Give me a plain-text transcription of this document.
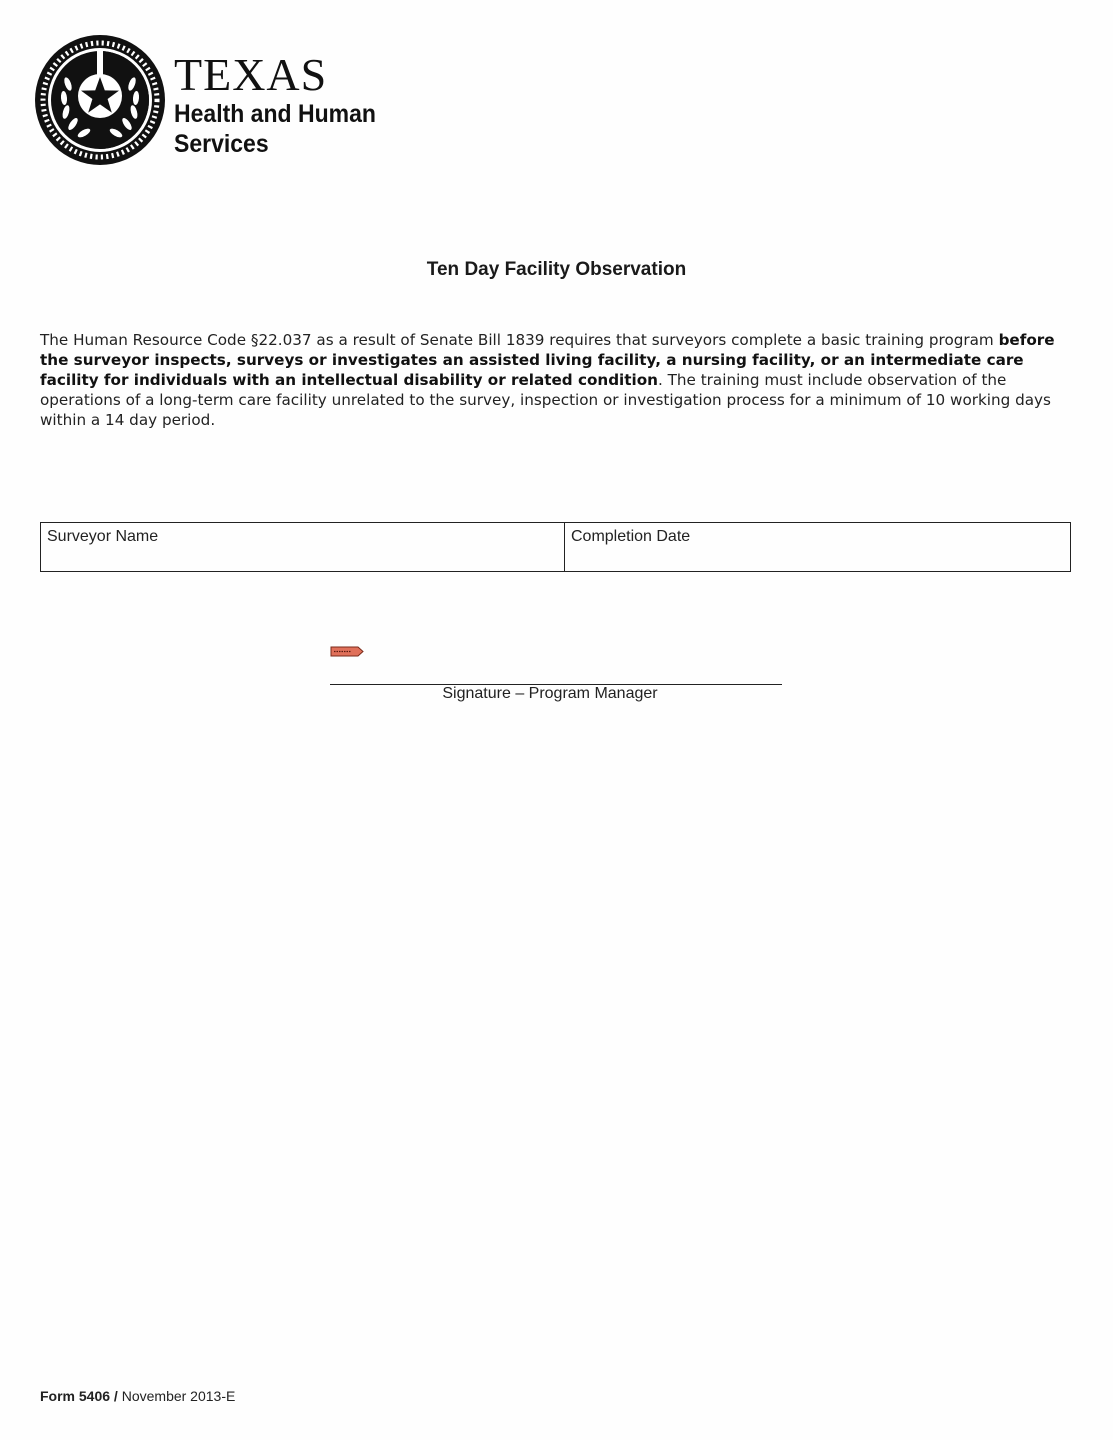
TEXAS
Health and Human
Services
Ten Day Facility Observation
The Human Resource Code §22.037 as a result of Senate Bill 1839 requires that surveyors complete a basic training program before the surveyor inspects, surveys or investigates an assisted living facility, a nursing facility, or an intermediate care facility for individuals with an intellectual disability or related condition. The training must include observation of the operations of a long-term care facility unrelated to the survey, inspection or investigation process for a minimum of 10 working days within a 14 day period.
Surveyor Name	Completion Date
Signature – Program Manager
Form 5406 / November 2013-E
